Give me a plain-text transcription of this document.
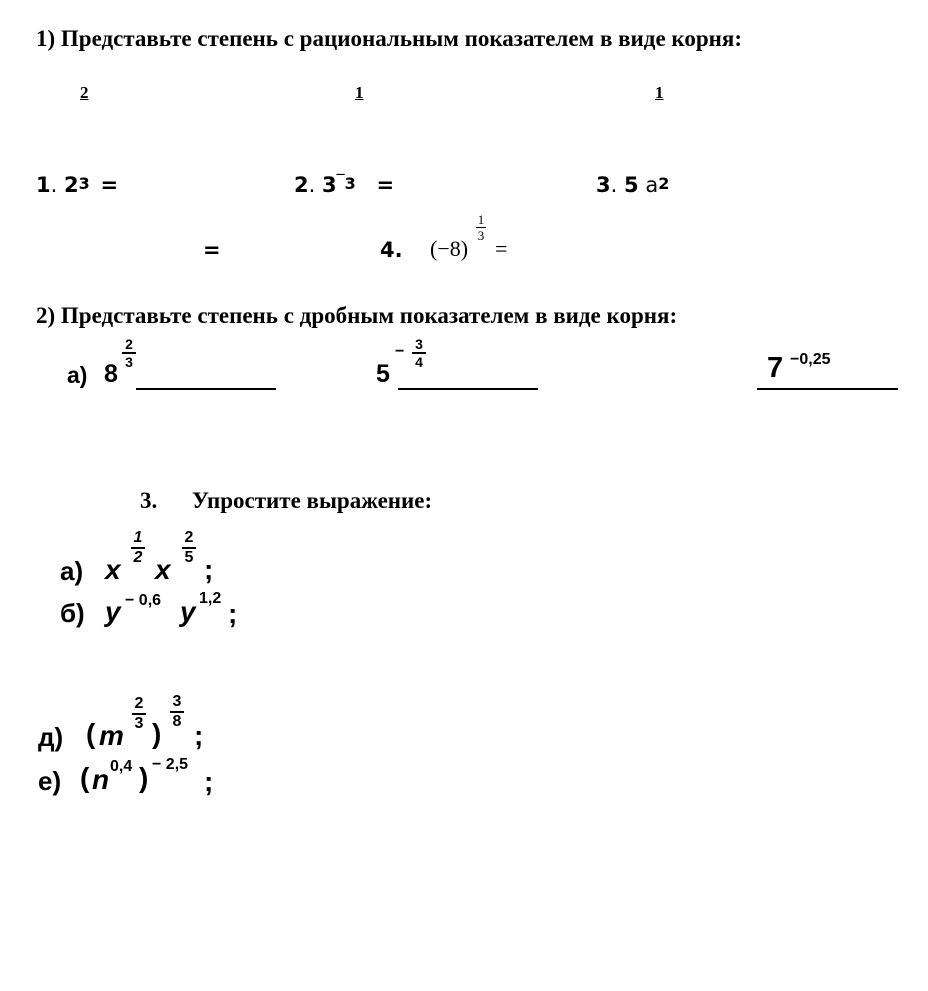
1) Представьте степень с рациональным показателем в виде корня:
2	1	1
1. 23 =	2. 3‾3 =	3. 5 a2
=	4. (−8)
1
3
=
2) Представьте степень с дробным показателем в виде корня:
а) 8
2
3	5
− 3
4	7 −0,25
3. Упростите выражение:
а) x
1
2 x
2
5 ;
б) y − 0,6 y 1,2 ;
д) ( m
2
3 )
3
8 ;
е) ( n 0,4 ) − 2,5
;
